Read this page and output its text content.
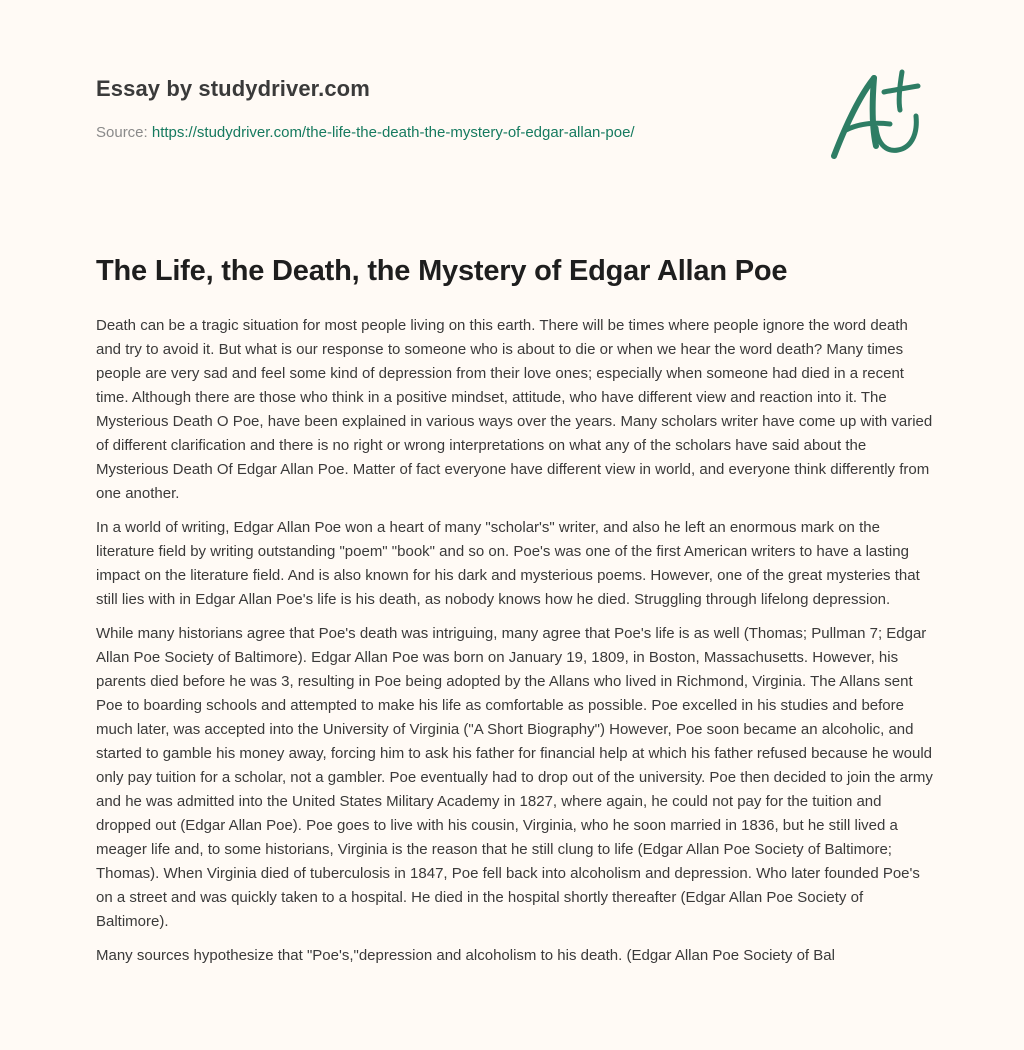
Essay by studydriver.com
Source: https://studydriver.com/the-life-the-death-the-mystery-of-edgar-allan-poe/
The Life, the Death, the Mystery of Edgar Allan Poe

Death can be a tragic situation for most people living on this earth. There will be times where people ignore the word death and try to avoid it. But what is our response to someone who is about to die or when we hear the word death? Many times people are very sad and feel some kind of depression from their love ones; especially when someone had died in a recent time. Although there are those who think in a positive mindset, attitude, who have different view and reaction into it. The Mysterious Death O Poe, have been explained in various ways over the years. Many scholars writer have come up with varied of different clarification and there is no right or wrong interpretations on what any of the scholars have said about the Mysterious Death Of Edgar Allan Poe. Matter of fact everyone have different view in world, and everyone think differently from one another.

In a world of writing, Edgar Allan Poe won a heart of many "scholar's" writer, and also he left an enormous mark on the literature field by writing outstanding "poem" "book" and so on. Poe's was one of the first American writers to have a lasting impact on the literature field. And is also known for his dark and mysterious poems. However, one of the great mysteries that still lies with in Edgar Allan Poe's life is his death, as nobody knows how he died. Struggling through lifelong depression.

While many historians agree that Poe's death was intriguing, many agree that Poe's life is as well (Thomas; Pullman 7; Edgar Allan Poe Society of Baltimore). Edgar Allan Poe was born on January 19, 1809, in Boston, Massachusetts. However, his parents died before he was 3, resulting in Poe being adopted by the Allans who lived in Richmond, Virginia. The Allans sent Poe to boarding schools and attempted to make his life as comfortable as possible. Poe excelled in his studies and before much later, was accepted into the University of Virginia ("A Short Biography") However, Poe soon became an alcoholic, and started to gamble his money away, forcing him to ask his father for financial help at which his father refused because he would only pay tuition for a scholar, not a gambler. Poe eventually had to drop out of the university. Poe then decided to join the army and he was admitted into the United States Military Academy in 1827, where again, he could not pay for the tuition and dropped out (Edgar Allan Poe). Poe goes to live with his cousin, Virginia, who he soon married in 1836, but he still lived a meager life and, to some historians, Virginia is the reason that he still clung to life (Edgar Allan Poe Society of Baltimore; Thomas). When Virginia died of tuberculosis in 1847, Poe fell back into alcoholism and depression. Who later founded Poe's on a street and was quickly taken to a hospital. He died in the hospital shortly thereafter (Edgar Allan Poe Society of Baltimore).

Many sources hypothesize that "Poe's,"depression and alcoholism to his death. (Edgar Allan Poe Society of Bal
